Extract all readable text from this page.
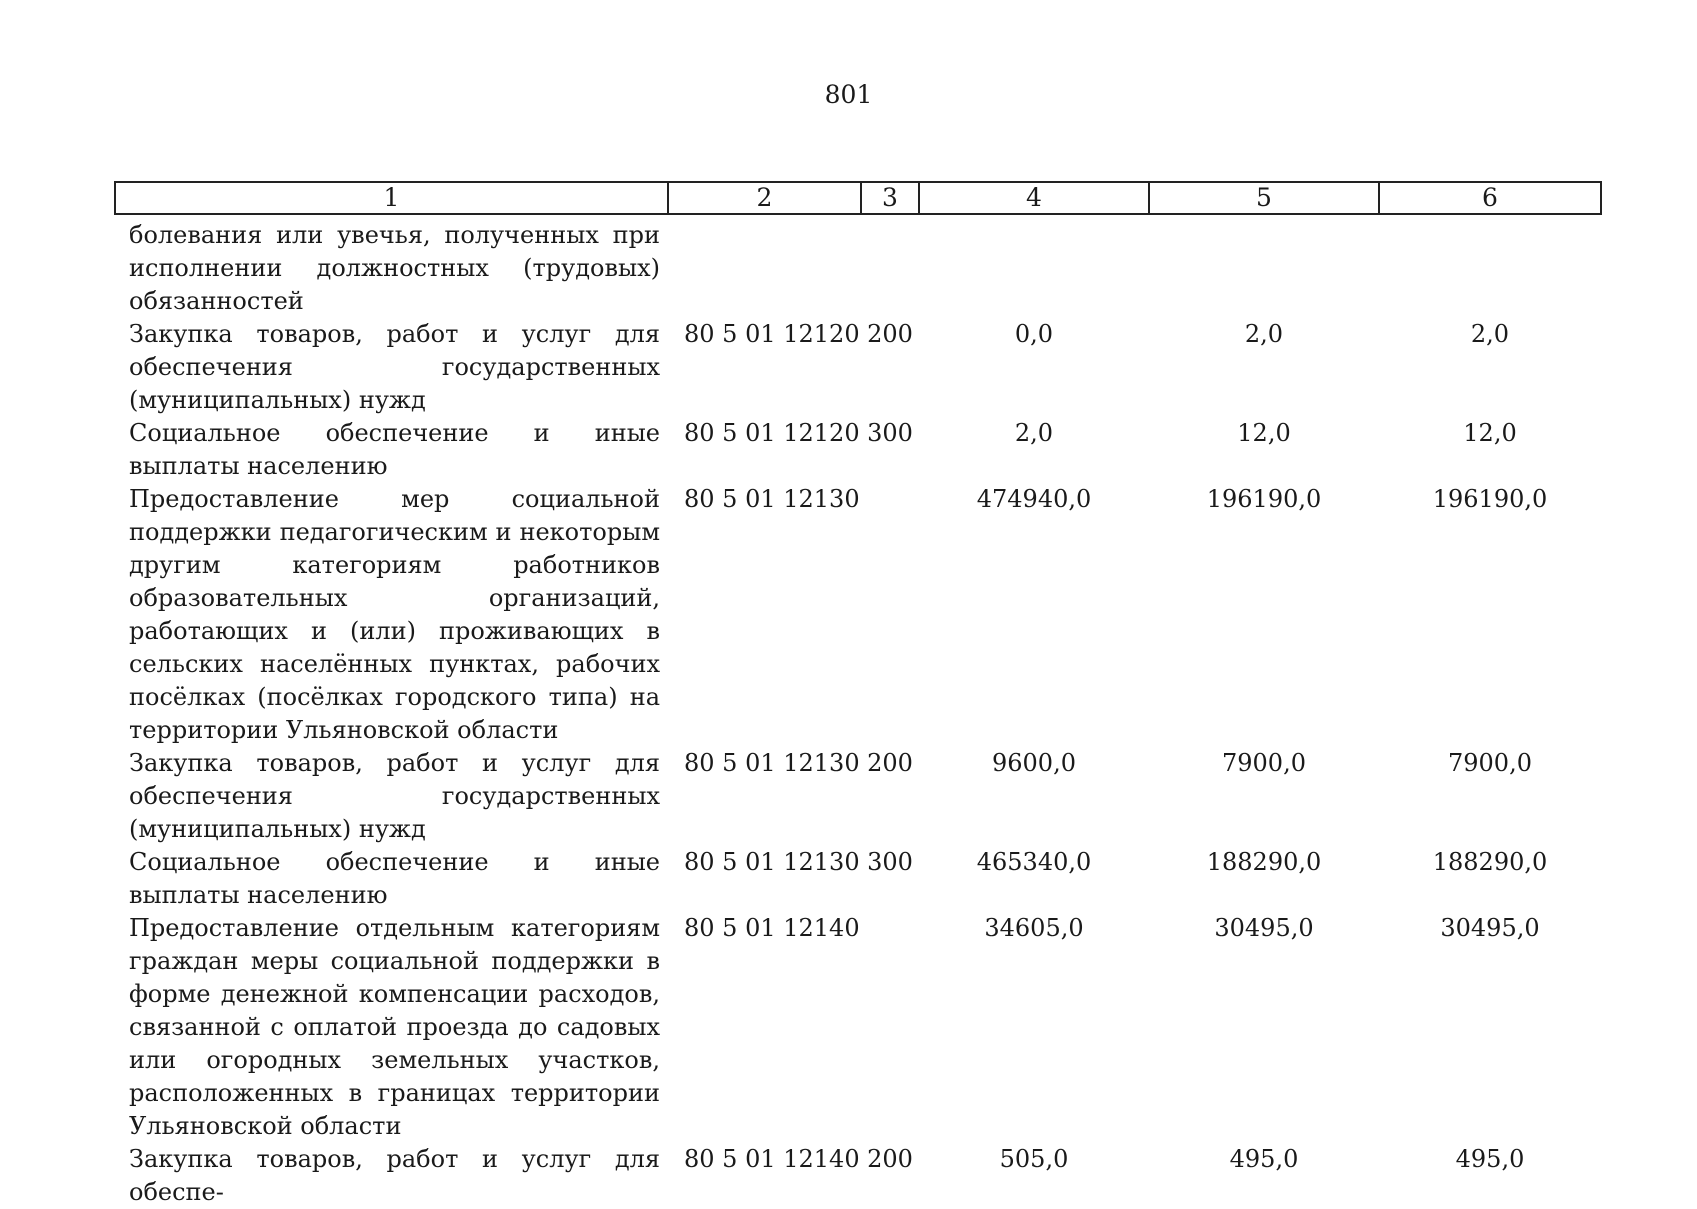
801
1	2	3	4	5	6
болевания или увечья, полученных при исполнении должностных (трудовых) обязанностей					
Закупка товаров, работ и услуг для обеспечения государственных (муниципальных) нужд	80 5 01 12120	200	0,0	2,0	2,0
Социальное обеспечение и иные выплаты населению	80 5 01 12120	300	2,0	12,0	12,0
Предоставление мер социальной поддержки педагогическим и некоторым другим категориям работников образовательных организаций, работающих и (или) проживающих в сельских населённых пунктах, рабочих посёлках (посёлках городского типа) на территории Ульяновской области	80 5 01 12130		474940,0	196190,0	196190,0
Закупка товаров, работ и услуг для обеспечения государственных (муниципальных) нужд	80 5 01 12130	200	9600,0	7900,0	7900,0
Социальное обеспечение и иные выплаты населению	80 5 01 12130	300	465340,0	188290,0	188290,0
Предоставление отдельным категориям граждан меры социальной поддержки в форме денежной компенсации расходов, связанной с оплатой проезда до садовых или огородных земельных участков, расположенных в границах территории Ульяновской области	80 5 01 12140		34605,0	30495,0	30495,0
Закупка товаров, работ и услуг для обеспе-	80 5 01 12140	200	505,0	495,0	495,0
